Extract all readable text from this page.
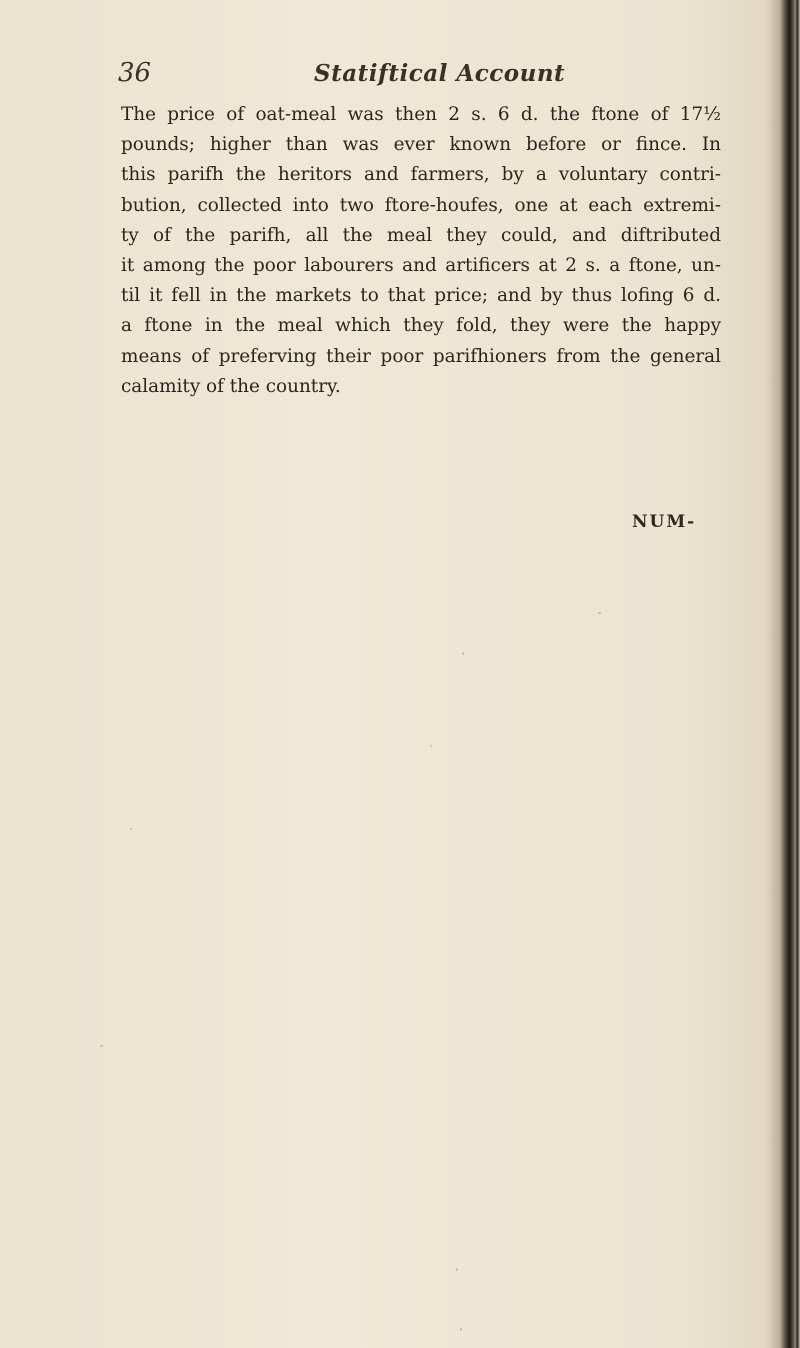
36	Statiftical Account
The price of oat-meal was then 2 s. 6 d. the ftone of 17½
pounds; higher than was ever known before or fince. In
this parifh the heritors and farmers, by a voluntary contri-
bution, collected into two ftore-houfes, one at each extremi-
ty of the parifh, all the meal they could, and diftributed
it among the poor labourers and artificers at 2 s. a ftone, un-
til it fell in the markets to that price; and by thus lofing 6 d.
a ftone in the meal which they fold, they were the happy
means of preferving their poor parifhioners from the general
calamity of the country.
NUM-
